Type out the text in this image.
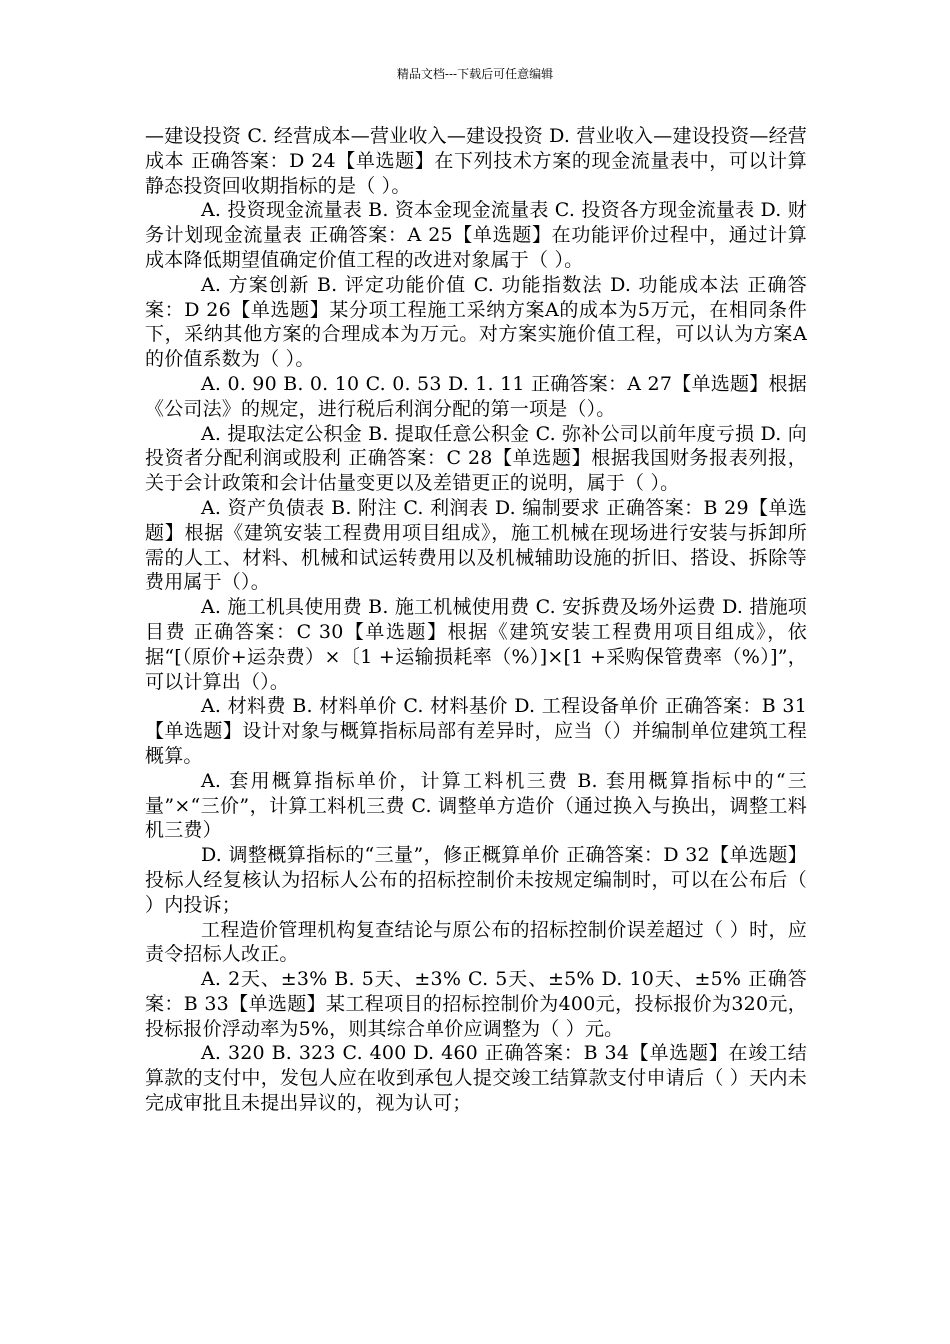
精品文档---下载后可任意编辑

—建设投资 C. 经营成本—营业收入—建设投资 D. 营业收入—建设投资—经营成本 正确答案：D 24【单选题】在下列技术方案的现金流量表中，可以计算静态投资回收期指标的是（ ）。

A. 投资现金流量表 B. 资本金现金流量表 C. 投资各方现金流量表 D. 财务计划现金流量表 正确答案：A 25【单选题】在功能评价过程中，通过计算成本降低期望值确定价值工程的改进对象属于（ ）。

A. 方案创新 B. 评定功能价值 C. 功能指数法 D. 功能成本法 正确答案：D 26【单选题】某分项工程施工采纳方案A的成本为5万元，在相同条件下，采纳其他方案的合理成本为万元。对方案实施价值工程，可以认为方案A的价值系数为（ ）。

A. 0. 90 B. 0. 10 C. 0. 53 D. 1. 11 正确答案：A 27【单选题】根据《公司法》的规定，进行税后利润分配的第一项是（）。

A. 提取法定公积金 B. 提取任意公积金 C. 弥补公司以前年度亏损 D. 向投资者分配利润或股利 正确答案：C 28【单选题】根据我国财务报表列报，关于会计政策和会计估量变更以及差错更正的说明，属于（ ）。

A. 资产负债表 B. 附注 C. 利润表 D. 编制要求 正确答案：B 29【单选题】根据《建筑安装工程费用项目组成》，施工机械在现场进行安装与拆卸所需的人工、材料、机械和试运转费用以及机械辅助设施的折旧、搭设、拆除等费用属于（）。

A. 施工机具使用费 B. 施工机械使用费 C. 安拆费及场外运费 D. 措施项目费 正确答案：C 30【单选题】根据《建筑安装工程费用项目组成》，依据“[（原价+运杂费）×〔1 +运输损耗率（%）]×[1 +采购保管费率（%）]”，可以计算出（）。

A. 材料费 B. 材料单价 C. 材料基价 D. 工程设备单价 正确答案：B 31【单选题】设计对象与概算指标局部有差异时，应当（）并编制单位建筑工程概算。

A. 套用概算指标单价，计算工料机三费 B. 套用概算指标中的“三量”×“三价”，计算工料机三费 C. 调整单方造价（通过换入与换出，调整工料机三费）

D. 调整概算指标的“三量”，修正概算单价 正确答案：D 32【单选题】投标人经复核认为招标人公布的招标控制价未按规定编制时，可以在公布后（ ）内投诉；

工程造价管理机构复查结论与原公布的招标控制价误差超过（ ）时，应责令招标人改正。

A. 2天、±3% B. 5天、±3% C. 5天、±5% D. 10天、±5% 正确答案：B 33【单选题】某工程项目的招标控制价为400元，投标报价为320元，投标报价浮动率为5%，则其综合单价应调整为（ ）元。

A. 320 B. 323 C. 400 D. 460 正确答案：B 34【单选题】在竣工结算款的支付中，发包人应在收到承包人提交竣工结算款支付申请后（ ）天内未完成审批且未提出异议的，视为认可；
